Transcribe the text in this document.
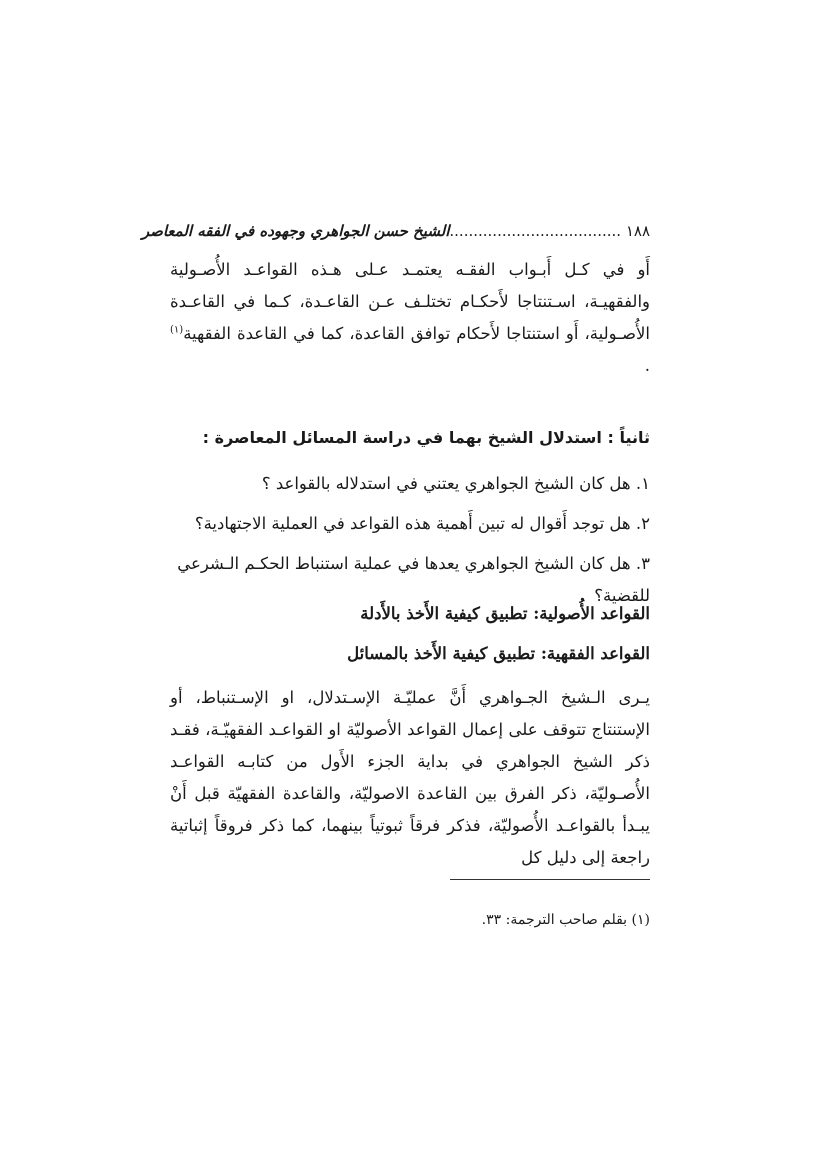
١٨٨ ....................................
الشيخ حسن الجواهري وجهوده في الفقه المعاصر

أَو في كـل أَبـواب الفقـه يعتمـد عـلى هـذه القواعـد الأُصـولية والفقهيـة، اسـتنتاجا لأَحكـام تختلـف عـن القاعـدة، كـما في القاعـدة الأُصـولية، أَو استنتاجا لأَحكام توافق القاعدة، كما في القاعدة الفقهية$^{(١)}$ .

ثانياً : استدلال الشيخ بهما في دراسة المسائل المعاصرة :
١. هل كان الشيخ الجواهري يعتني في استدلاله بالقواعد ؟
٢. هل توجد أَقوال له تبين أَهمية هذه القواعد في العملية الاجتهادية؟
٣. هل كان الشيخ الجواهري يعدها في عملية استنباط الحكـم الـشرعي للقضية؟

القواعد الأُصولية: تطبيق كيفية الأَخذ بالأَدلة

القواعد الفقهية: تطبيق كيفية الأَخذ بالمسائل

يـرى الـشيخ الجـواهري أَنَّ عمليّـة الإسـتدلال، او الإسـتنباط، أو الإستنتاج تتوقف على إعمال القواعد الأصوليّة او القواعـد الفقهيّـة، فقـد ذكر الشيخ الجواهري في بداية الجزء الأَول من كتابـه القواعـد الأُصـوليّة، ذكر الفرق بين القاعدة الاصوليّة، والقاعدة الفقهيّة قبل أَنْ يبـدأ بالقواعـد الأُصوليّة، فذكر فرقاً ثبوتياً بينهما، كما ذكر فروقاً إثباتية راجعة إلى دليل كل

(١) بقلم صاحب الترجمة: ٣٣.
